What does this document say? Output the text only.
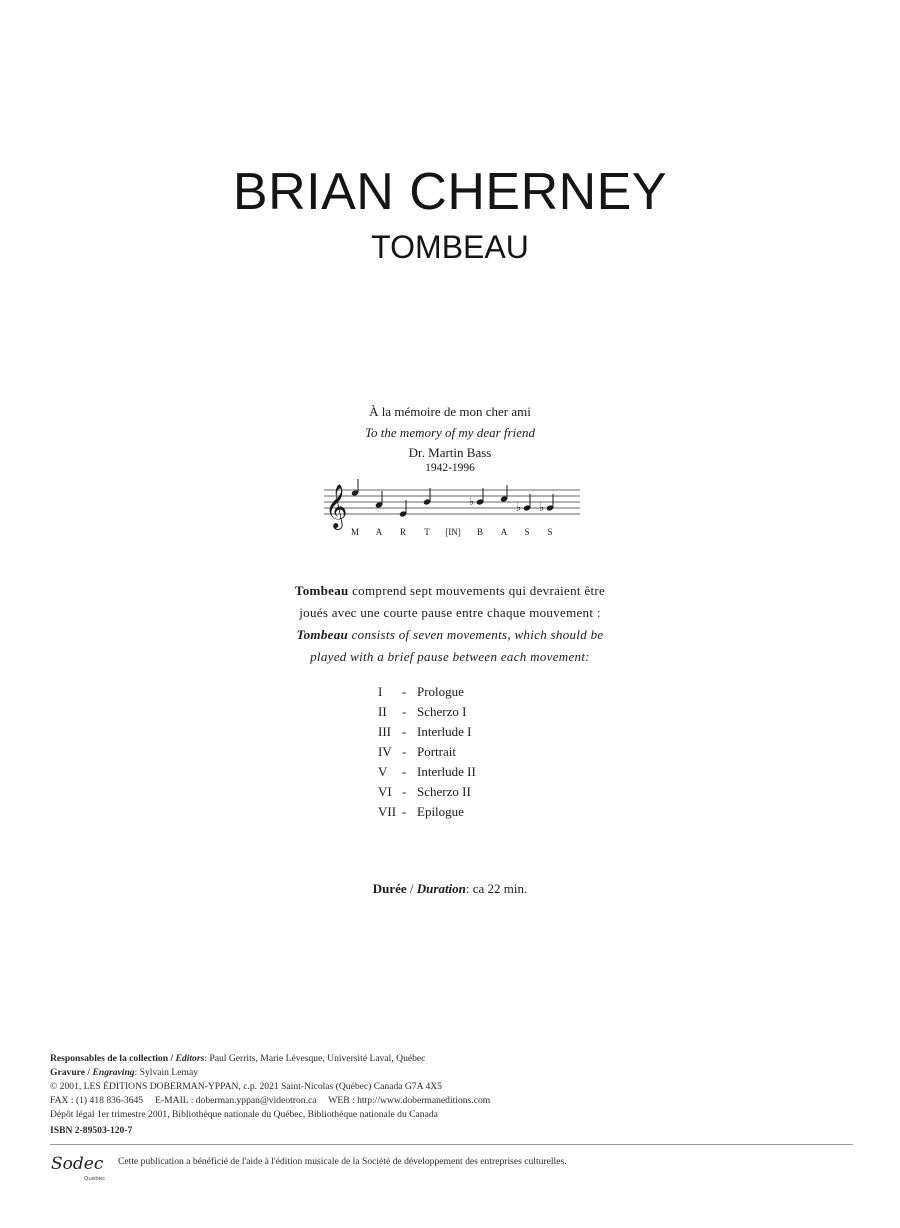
BRIAN CHERNEY
TOMBEAU
À la mémoire de mon cher ami
To the memory of my dear friend
Dr. Martin Bass
1942-1996
𝄞	♭	♭ ♭
M A R T [IN] B A S S
Tombeau comprend sept mouvements qui devraient être
joués avec une courte pause entre chaque mouvement :
Tombeau consists of seven movements, which should be
played with a brief pause between each movement:
I - Prologue
II - Scherzo I
III - Interlude I
IV - Portrait
V - Interlude II
VI - Scherzo II
VII - Epilogue
Durée / Duration: ca 22 min.
Responsables de la collection / Editors: Paul Gerrits, Marie Lévesque, Université Laval, Québec
Gravure / Engraving: Sylvain Lemay
© 2001, LES ÉDITIONS DOBERMAN-YPPAN, c.p. 2021 Saint-Nicolas (Québec) Canada G7A 4X5
FAX : (1) 418 836-3645     E-MAIL : doberman.yppan@videotron.ca     WEB : http://www.dobermaneditions.com
Dépôt légal 1er trimestre 2001, Bibliothèque nationale du Québec, Bibliothèque nationale du Canada
ISBN 2-89503-120-7
Sodec
Québec
Cette publication a bénéficié de l'aide à l'édition musicale de la Société de développement des entreprises culturelles.
